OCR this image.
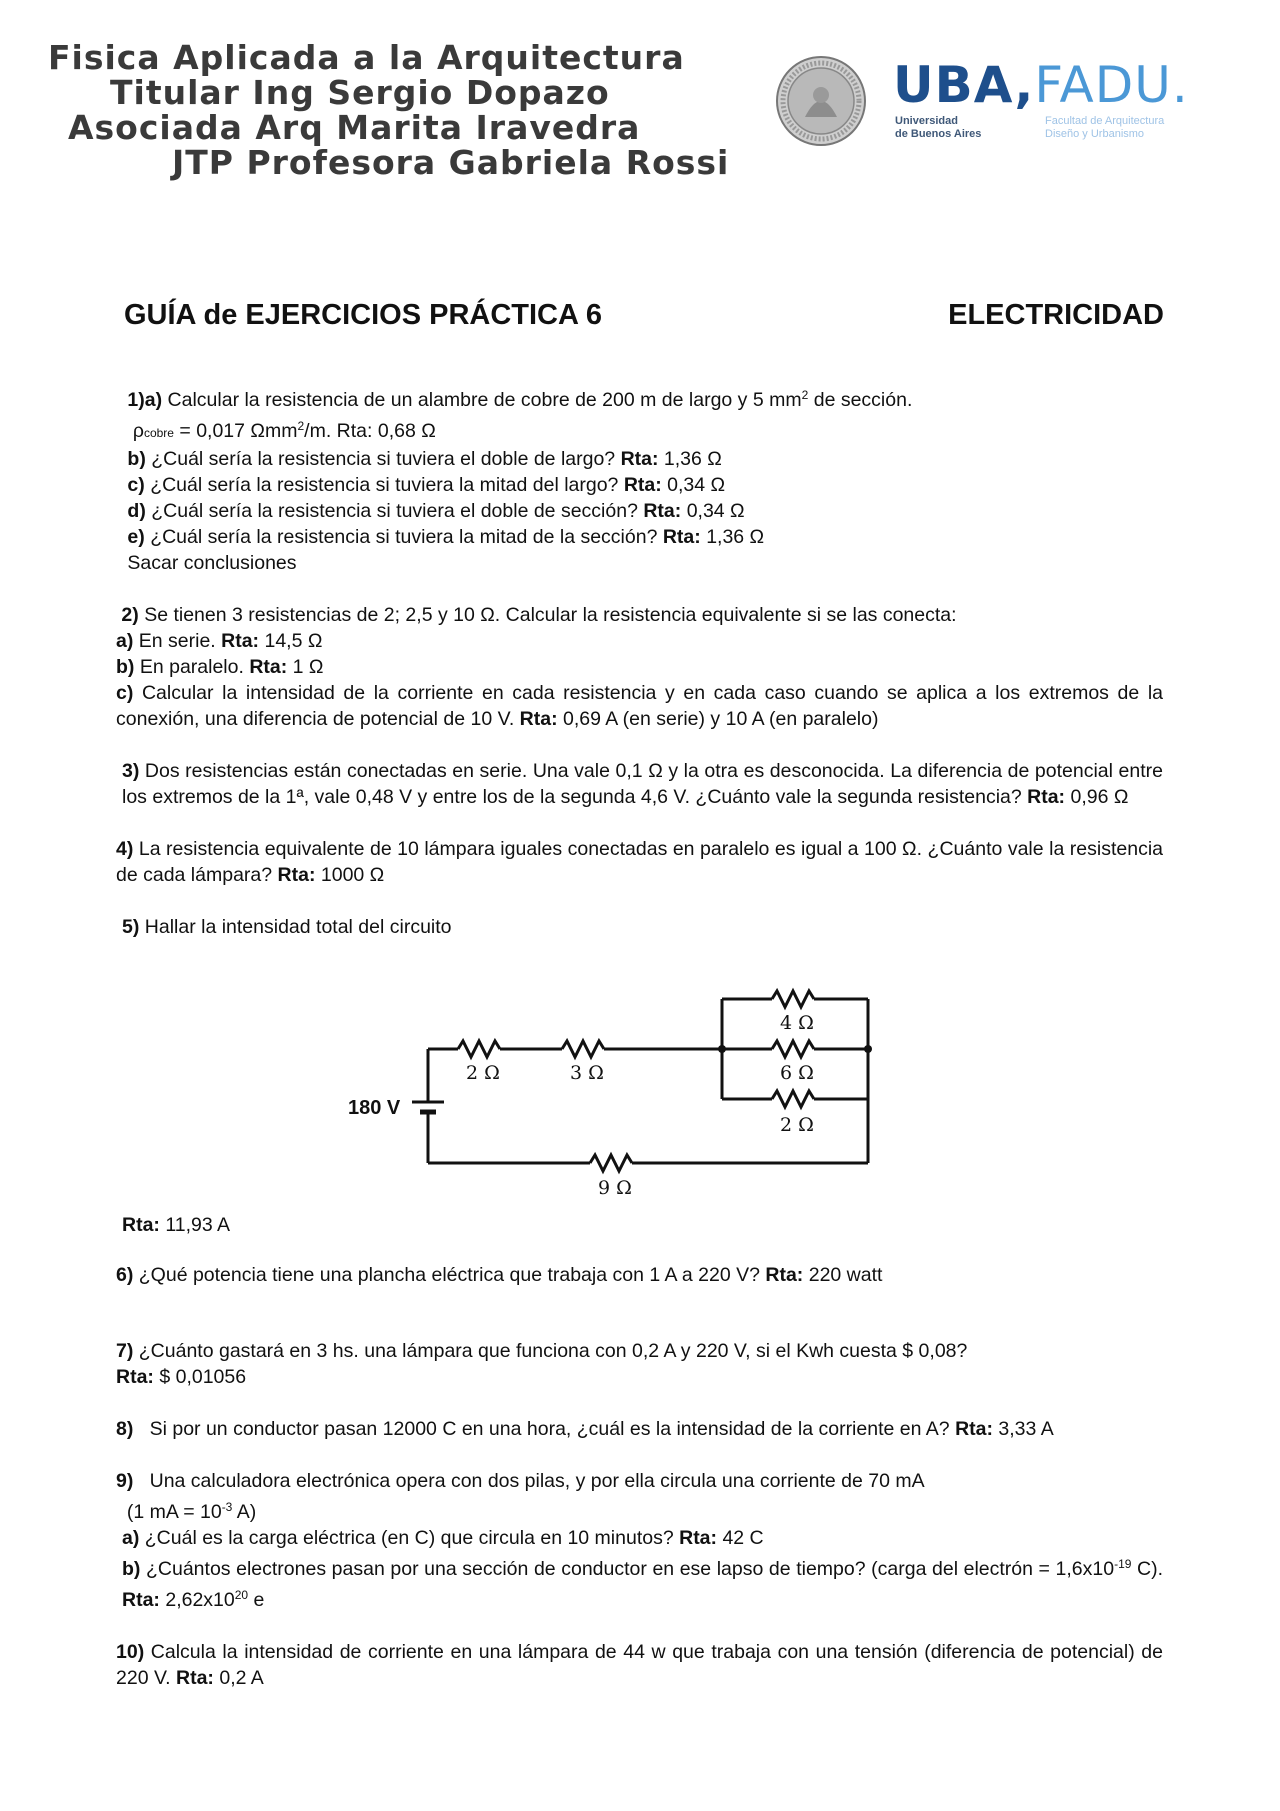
Fisica Aplicada a la Arquitectura
Titular Ing Sergio Dopazo
Asociada Arq Marita Iravedra
JTP Profesora Gabriela Rossi
UBA,FADU.
Universidad
de Buenos AiresFacultad de Arquitectura
Diseño y Urbanismo
GUÍA de EJERCICIOS PRÁCTICA 6	ELECTRICIDAD

1)a) Calcular la resistencia de un alambre de cobre de 200 m de largo y 5 $mm^2$ de sección.

ρcobre = 0,017 Ωmm$^2$/m. Rta: 0,68 Ω

b) ¿Cuál sería la resistencia si tuviera el doble de largo? Rta: 1,36 Ω

c) ¿Cuál sería la resistencia si tuviera la mitad del largo? Rta: 0,34 Ω

d) ¿Cuál sería la resistencia si tuviera el doble de sección? Rta: 0,34 Ω

e) ¿Cuál sería la resistencia si tuviera la mitad de la sección? Rta: 1,36 Ω

Sacar conclusiones

2) Se tienen 3 resistencias de 2; 2,5 y 10 Ω. Calcular la resistencia equivalente si se las conecta:

a) En serie. Rta: 14,5 Ω

b) En paralelo. Rta: 1 Ω

c) Calcular la intensidad de la corriente en cada resistencia y en cada caso cuando se aplica a los extremos de la conexión, una diferencia de potencial de 10 V. Rta: 0,69 A (en serie) y 10 A (en paralelo)

3) Dos resistencias están conectadas en serie. Una vale 0,1 Ω y la otra es desconocida. La diferencia de potencial entre los extremos de la 1ª, vale 0,48 V y entre los de la segunda 4,6 V. ¿Cuánto vale la segunda resistencia? Rta: 0,96 Ω

4) La resistencia equivalente de 10 lámpara iguales conectadas en paralelo es igual a 100 Ω. ¿Cuánto vale la resistencia de cada lámpara? Rta: 1000 Ω

5) Hallar la intensidad total del circuito

180 V
2 Ω	3 Ω
4 Ω
6 Ω
2 Ω
9 Ω

Rta: 11,93 A

6) ¿Qué potencia tiene una plancha eléctrica que trabaja con 1 A a 220 V? Rta: 220 watt

7) ¿Cuánto gastará en 3 hs. una lámpara que funciona con 0,2 A y 220 V, si el Kwh cuesta $ 0,08?

Rta: $ 0,01056

8) Si por un conductor pasan 12000 C en una hora, ¿cuál es la intensidad de la corriente en A? Rta: 3,33 A

9) Una calculadora electrónica opera con dos pilas, y por ella circula una corriente de 70 mA

(1 mA = $10^{-3}$ A)

a) ¿Cuál es la carga eléctrica (en C) que circula en 10 minutos? Rta: 42 C

b) ¿Cuántos electrones pasan por una sección de conductor en ese lapso de tiempo? (carga del electrón = $1,6x10^{-19}$ C). Rta: $2,62x10^{20}$ e

10) Calcula la intensidad de corriente en una lámpara de 44 w que trabaja con una tensión (diferencia de potencial) de 220 V. Rta: 0,2 A
